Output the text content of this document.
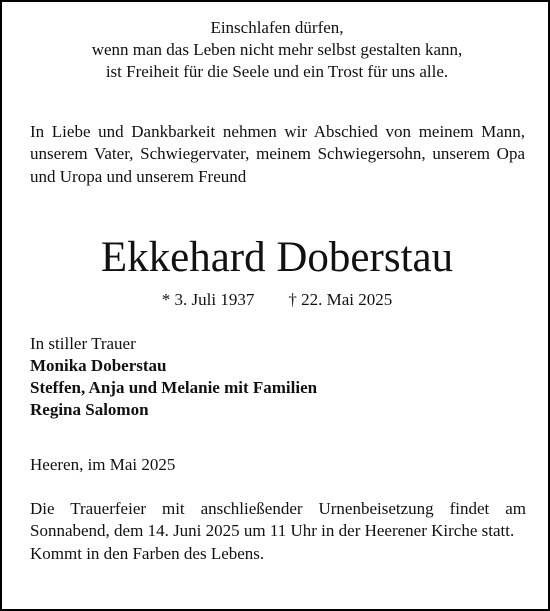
Einschlafen dürfen,
wenn man das Leben nicht mehr selbst gestalten kann,
ist Freiheit für die Seele und ein Trost für uns alle.
In Liebe und Dankbarkeit nehmen wir Abschied von meinem Mann, unserem Vater, Schwiegervater, meinem Schwiegersohn, unserem Opa und Uropa und unserem Freund
Ekkehard Doberstau
* 3. Juli 1937 † 22. Mai 2025
In stiller Trauer
Monika Doberstau
Steffen, Anja und Melanie mit Familien
Regina Salomon
Heeren, im Mai 2025
Die Trauerfeier mit anschließender Urnenbeisetzung findet am Sonnabend, dem 14. Juni 2025 um 11 Uhr in der Heerener Kirche statt.
Kommt in den Farben des Lebens.
